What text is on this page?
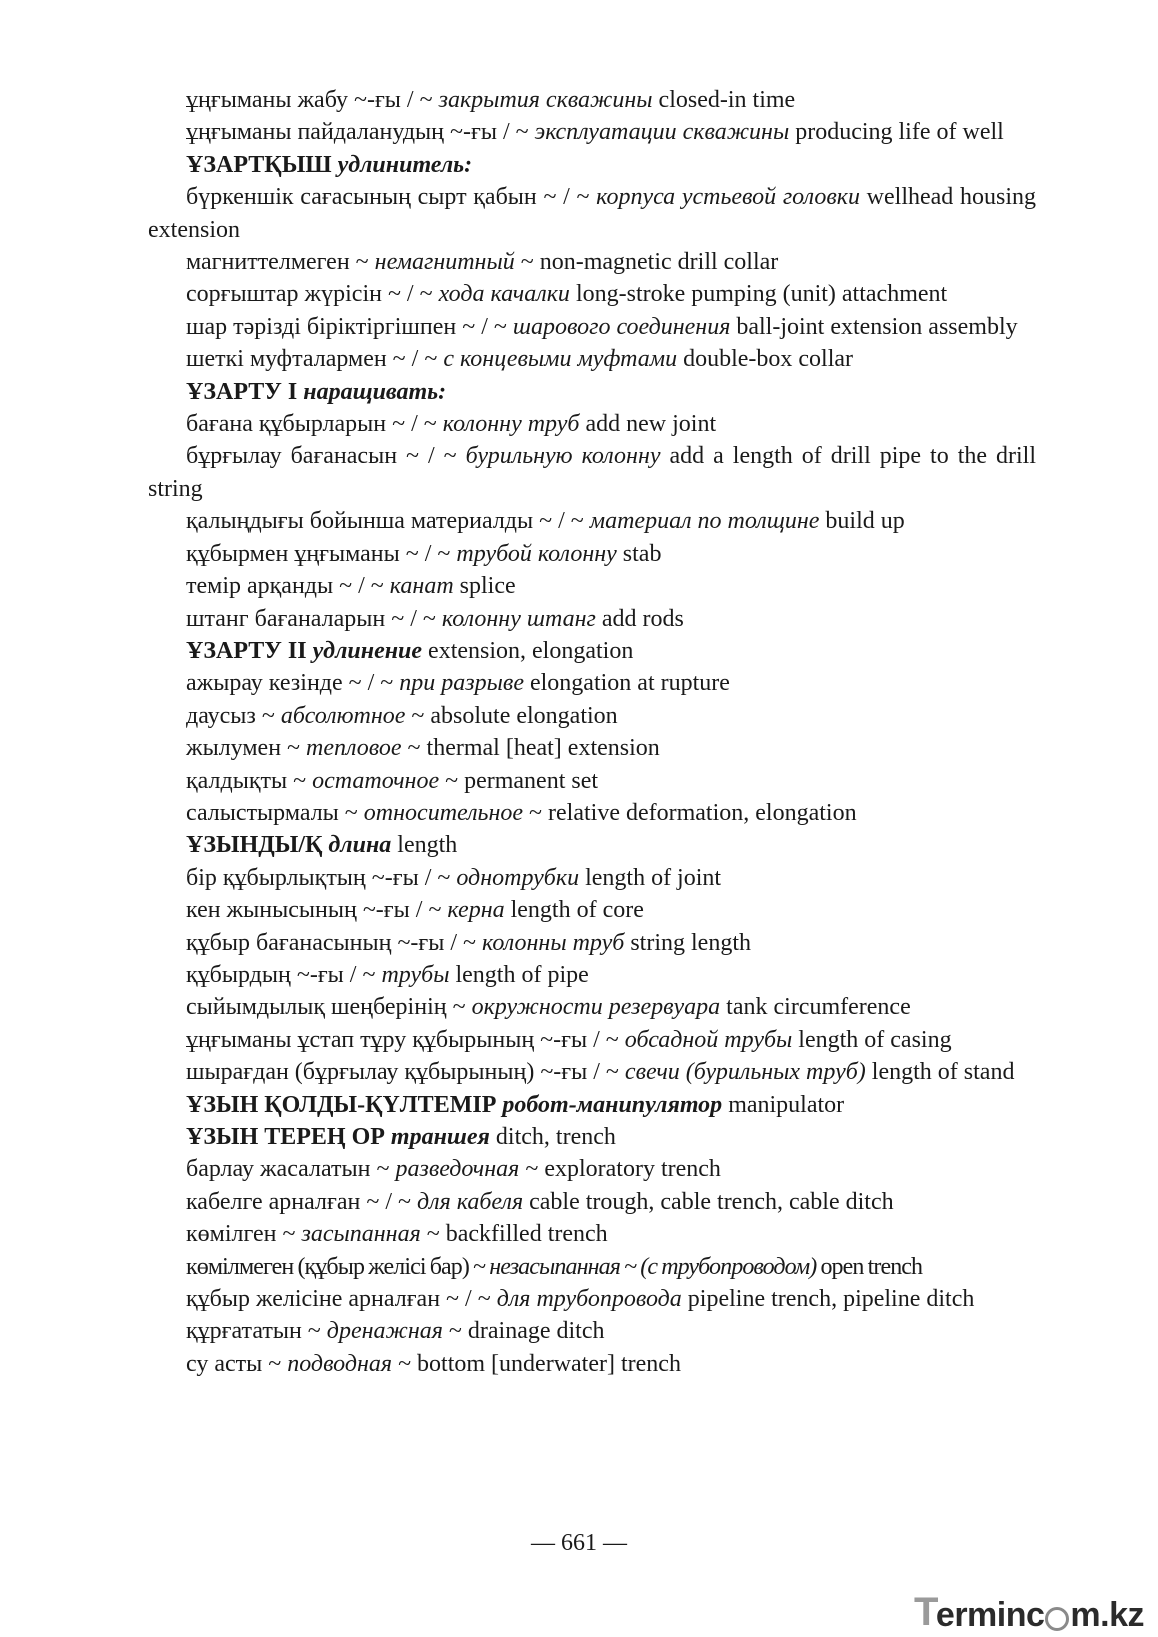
ұңғыманы жабу ~-ғы / ~ закрытия скважины closed-in time
ұңғыманы пайдаланудың ~-ғы / ~ эксплуатации скважины producing life of well
ҰЗАРТҚЫШ удлинитель:
бүркеншік сағасының сырт қабын ~ / ~ корпуса устьевой головки wellhead housing extension
магниттелмеген ~ немагнитный ~ non-magnetic drill collar
сорғыштар жүрісін ~ / ~ хода качалки long-stroke pumping (unit) attachment
шар тәрізді біріктіргішпен ~ / ~ шарового соединения ball-joint extension assembly
шеткі муфталармен ~ / ~ с концевыми муфтами double-box collar
ҰЗАРТУ I наращивать:
бағана құбырларын ~ / ~ колонну труб add new joint
бұрғылау бағанасын ~ / ~ бурильную колонну add a length of drill pipe to the drill string
қалыңдығы бойынша материалды ~ / ~ материал по толщине build up
құбырмен ұңғыманы ~ / ~ трубой колонну stab
темір арқанды ~ / ~ канат splice
штанг бағаналарын ~ / ~ колонну штанг add rods
ҰЗАРТУ II удлинение extension, elongation
ажырау кезінде ~ / ~ при разрыве elongation at rupture
даусыз ~ абсолютное ~ absolute elongation
жылумен ~ тепловое ~ thermal [heat] extension
қалдықты ~ остаточное ~ permanent set
салыстырмалы ~ относительное ~ relative deformation, elongation
ҰЗЫНДЫ/Қ длина length
бір құбырлықтың ~-ғы / ~ однотрубки length of joint
кен жынысының ~-ғы / ~ керна length of core
құбыр бағанасының ~-ғы / ~ колонны труб string length
құбырдың ~-ғы / ~ трубы length of pipe
сыйымдылық шеңберінің ~ окружности резервуара tank circumference
ұңғыманы ұстап тұру құбырының ~-ғы / ~ обсадной трубы length of casing
шырағдан (бұрғылау құбырының) ~-ғы / ~ свечи (бурильных труб) length of stand
ҰЗЫН ҚОЛДЫ-ҚҮЛТЕМІР робот-манипулятор manipulator
ҰЗЫН ТЕРЕҢ ОР траншея ditch, trench
барлау жасалатын ~ разведочная ~ exploratory trench
кабелге арналған ~ / ~ для кабеля cable trough, cable trench, cable ditch
көмілген ~ засыпанная ~ backfilled trench
көмілмеген (құбыр желісі бар) ~ незасыпанная ~ (с трубопроводом) open trench
құбыр желісіне арналған ~ / ~ для трубопровода pipeline trench, pipeline ditch
құрғататын ~ дренажная ~ drainage ditch
су асты ~ подводная ~ bottom [underwater] trench
— 661 —
T
erminc m.kz
